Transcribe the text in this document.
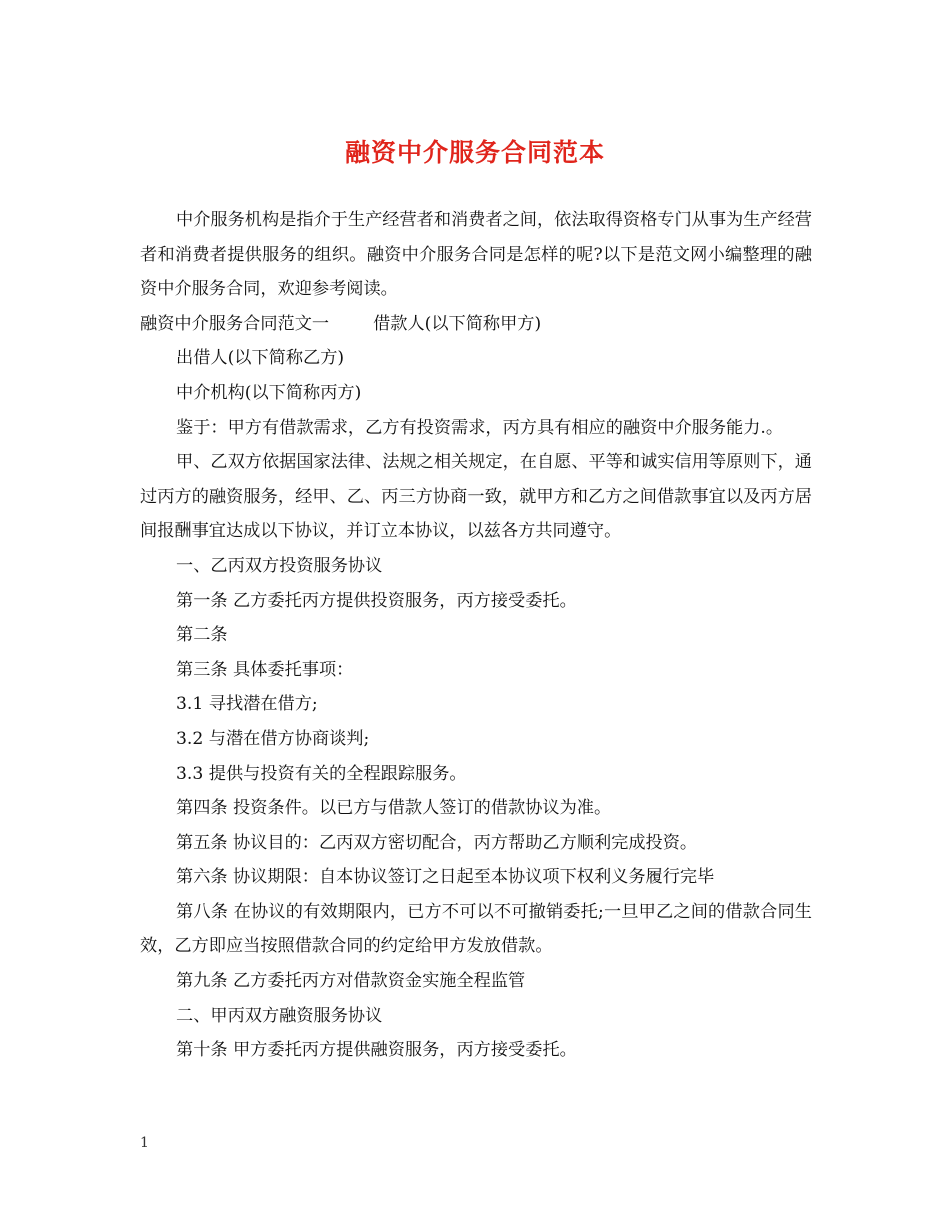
融资中介服务合同范本

中介服务机构是指介于生产经营者和消费者之间，依法取得资格专门从事为生产经营者和消费者提供服务的组织。融资中介服务合同是怎样的呢?以下是范文网小编整理的融资中介服务合同，欢迎参考阅读。

融资中介服务合同范文一	借款人(以下简称甲方)

出借人(以下简称乙方)

中介机构(以下简称丙方)

鉴于：甲方有借款需求，乙方有投资需求，丙方具有相应的融资中介服务能力.。

甲、乙双方依据国家法律、法规之相关规定，在自愿、平等和诚实信用等原则下，通过丙方的融资服务，经甲、乙、丙三方协商一致，就甲方和乙方之间借款事宜以及丙方居间报酬事宜达成以下协议，并订立本协议，以兹各方共同遵守。

一、乙丙双方投资服务协议

第一条 乙方委托丙方提供投资服务，丙方接受委托。

第二条

第三条 具体委托事项：

3.1 寻找潜在借方;

3.2 与潜在借方协商谈判;

3.3 提供与投资有关的全程跟踪服务。

第四条 投资条件。以已方与借款人签订的借款协议为准。

第五条 协议目的：乙丙双方密切配合，丙方帮助乙方顺利完成投资。

第六条 协议期限：自本协议签订之日起至本协议项下权利义务履行完毕

第八条 在协议的有效期限内，已方不可以不可撤销委托;一旦甲乙之间的借款合同生效，乙方即应当按照借款合同的约定给甲方发放借款。

第九条 乙方委托丙方对借款资金实施全程监管

二、甲丙双方融资服务协议

第十条 甲方委托丙方提供融资服务，丙方接受委托。

1
